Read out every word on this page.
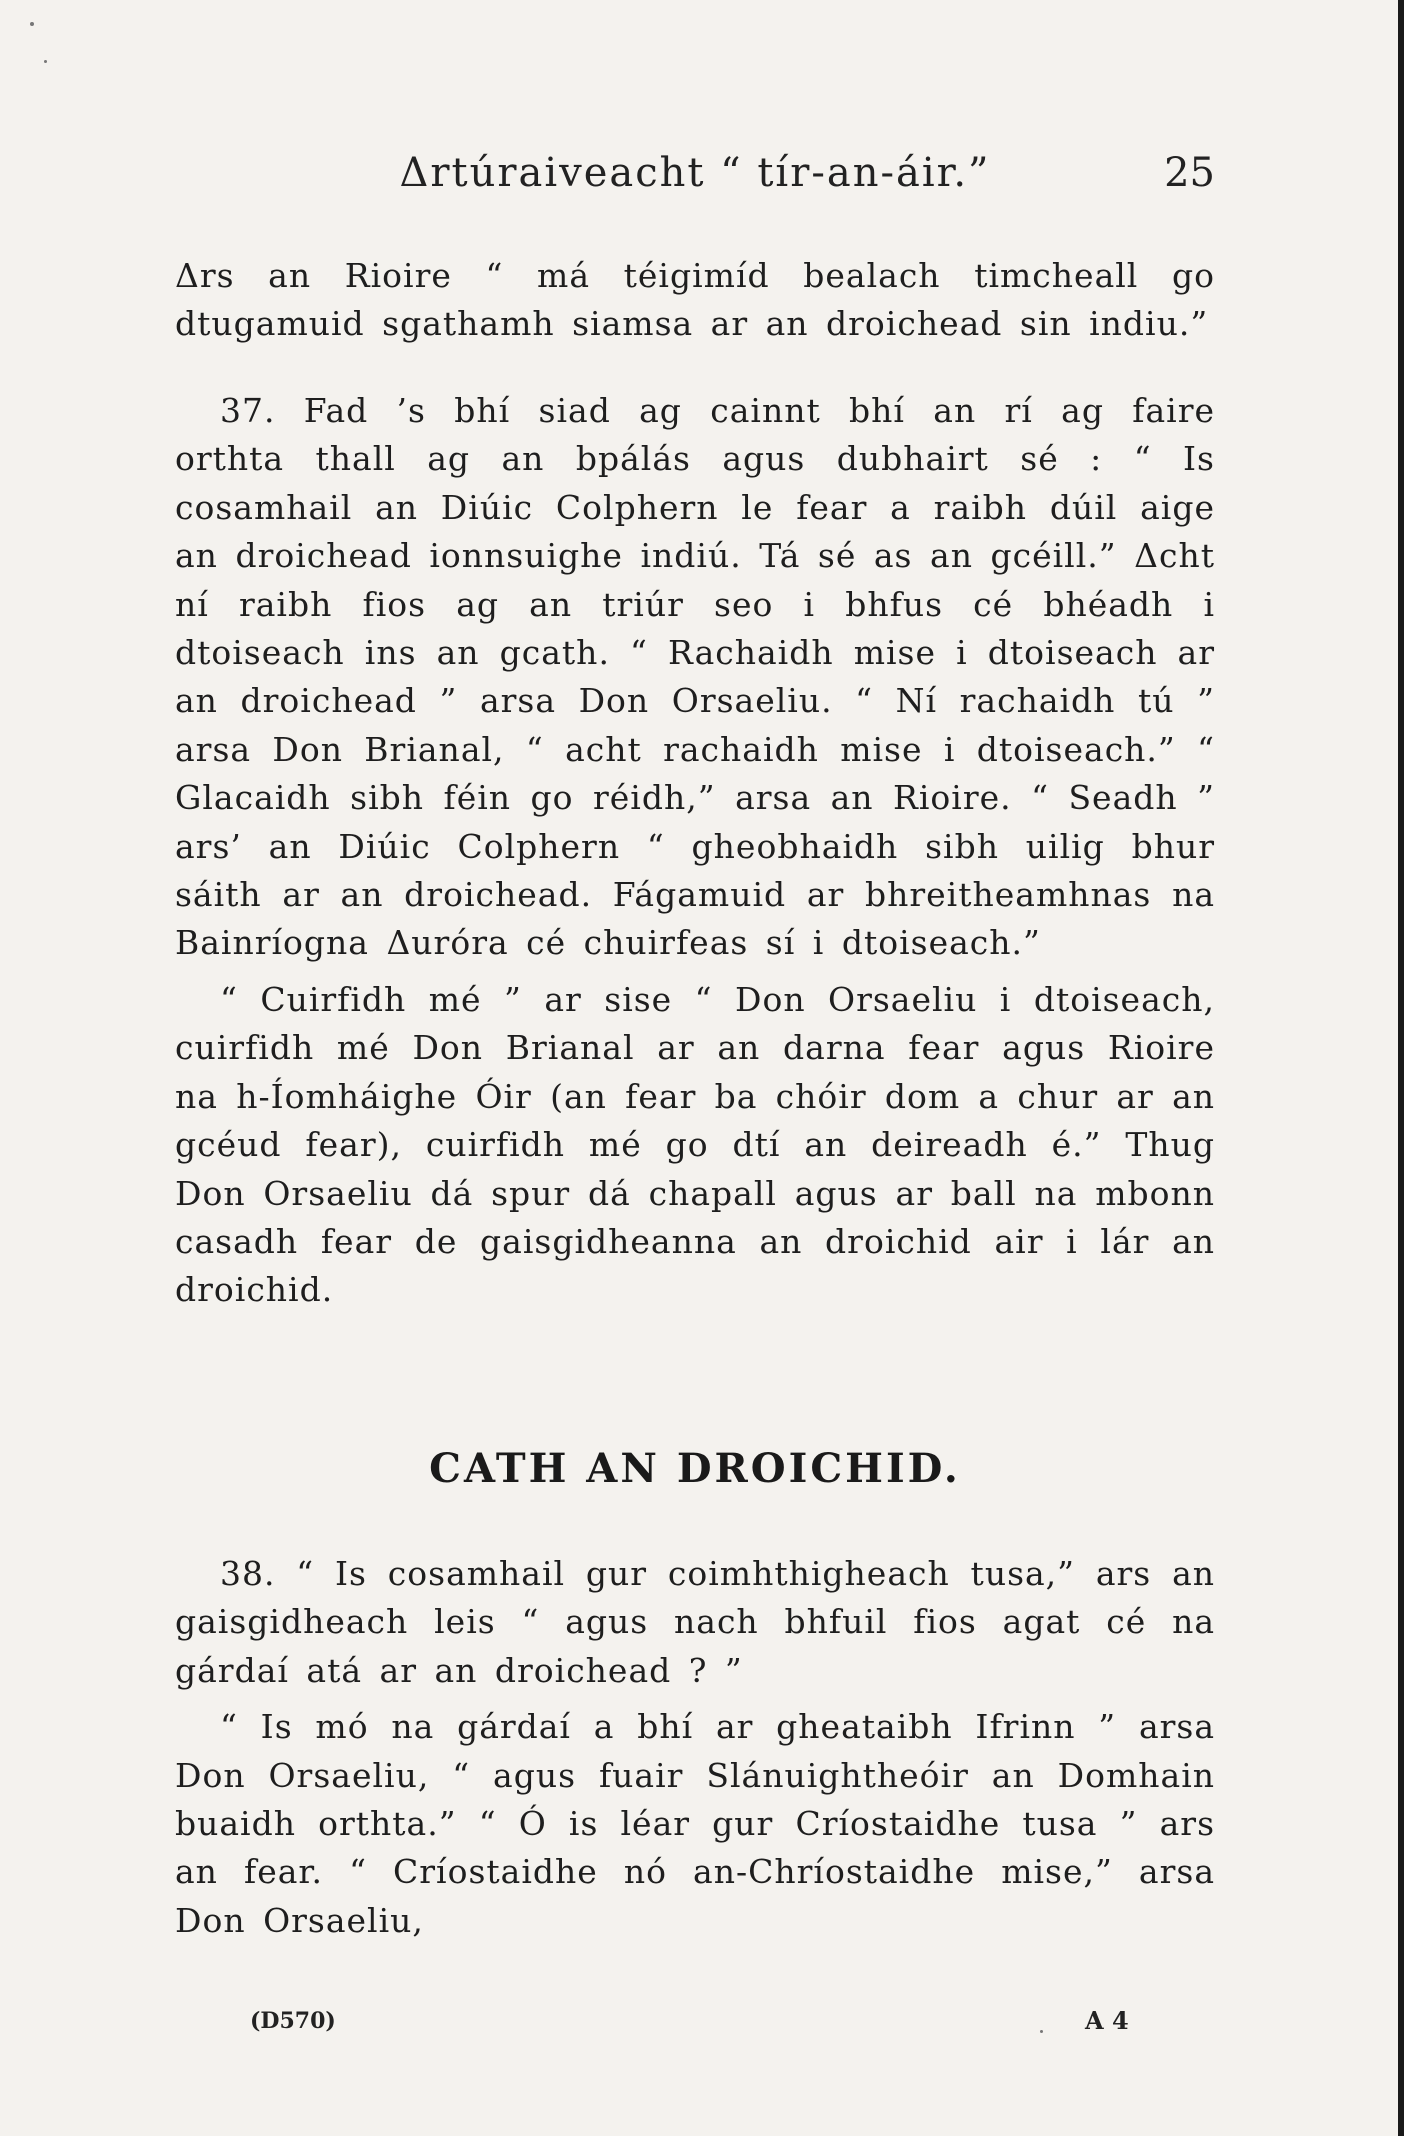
Δrtúraiveacht “ tír-an-áir.”	25

Δrs an Rioire “ má téigimíd bealach timcheall go dtugamuid sgathamh siamsa ar an droichead sin indiu.”

37. Fad ’s bhí siad ag cainnt bhí an rí ag faire orthta thall ag an bpálás agus dubhairt sé : “ Is cosamhail an Diúic Colphern le fear a raibh dúil aige an droichead ionnsuighe indiú. Tá sé as an gcéill.” Δcht ní raibh fios ag an triúr seo i bhfus cé bhéadh i dtoiseach ins an gcath. “ Rachaidh mise i dtoiseach ar an droichead ” arsa Don Orsaeliu. “ Ní rachaidh tú ” arsa Don Brianal, “ acht rachaidh mise i dtoiseach.” “ Glacaidh sibh féin go réidh,” arsa an Rioire. “ Seadh ” ars’ an Diúic Colphern “ gheobhaidh sibh uilig bhur sáith ar an droichead. Fágamuid ar bhreitheamhnas na Bainríogna Δuróra cé chuirfeas sí i dtoiseach.”

“ Cuirfidh mé ” ar sise “ Don Orsaeliu i dtoiseach, cuirfidh mé Don Brianal ar an darna fear agus Rioire na h-Íomháighe Óir (an fear ba chóir dom a chur ar an gcéud fear), cuirfidh mé go dtí an deireadh é.” Thug Don Orsaeliu dá spur dá chapall agus ar ball na mbonn casadh fear de gaisgidheanna an droichid air i lár an droichid.

CATH AN DROICHID.

38. “ Is cosamhail gur coimhthigheach tusa,” ars an gaisgidheach leis “ agus nach bhfuil fios agat cé na gárdaí atá ar an droichead ? ”

“ Is mó na gárdaí a bhí ar gheataibh Ifrinn ” arsa Don Orsaeliu, “ agus fuair Slánuightheóir an Domhain buaidh orthta.” “ Ó is léar gur Críostaidhe tusa ” ars an fear. “ Críostaidhe nó an-Chríostaidhe mise,” arsa Don Orsaeliu,

(D570)	A 4
